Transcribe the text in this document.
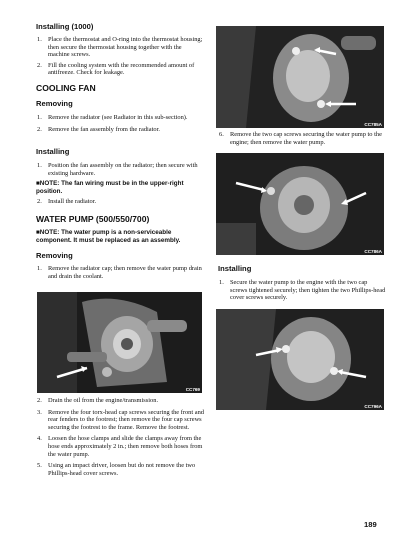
Installing (1000)
1. Place the thermostat and O-ring into the thermostat housing; then secure the thermostat housing together with the machine screws.
2. Fill the cooling system with the recommended amount of antifreeze. Check for leakage.
COOLING FAN
Removing
1. Remove the radiator (see Radiator in this sub-section).
2. Remove the fan assembly from the radiator.
Installing
1. Position the fan assembly on the radiator; then secure with existing hardware.
■NOTE: The fan wiring must be in the upper-right position.
2. Install the radiator.
WATER PUMP (500/550/700)
■NOTE: The water pump is a non-serviceable component. It must be replaced as an assembly.
Removing
1. Remove the radiator cap; then remove the water pump drain and drain the coolant.
CC769
2. Drain the oil from the engine/transmission.
3. Remove the four torx-head cap screws securing the front and rear fenders to the footrest; then remove the four cap screws securing the footrest to the frame. Remove the footrest.
4. Loosen the hose clamps and slide the clamps away from the hose ends approximately 2 in.; then remove both hoses from the water pump.
5. Using an impact driver, loosen but do not remove the two Phillips-head cover screws.
CC785A
6. Remove the two cap screws securing the water pump to the engine; then remove the water pump.
CC786A
Installing
1. Secure the water pump to the engine with the two cap screws tightened securely; then tighten the two Phillips-head cover screws securely.
CC796A
189
